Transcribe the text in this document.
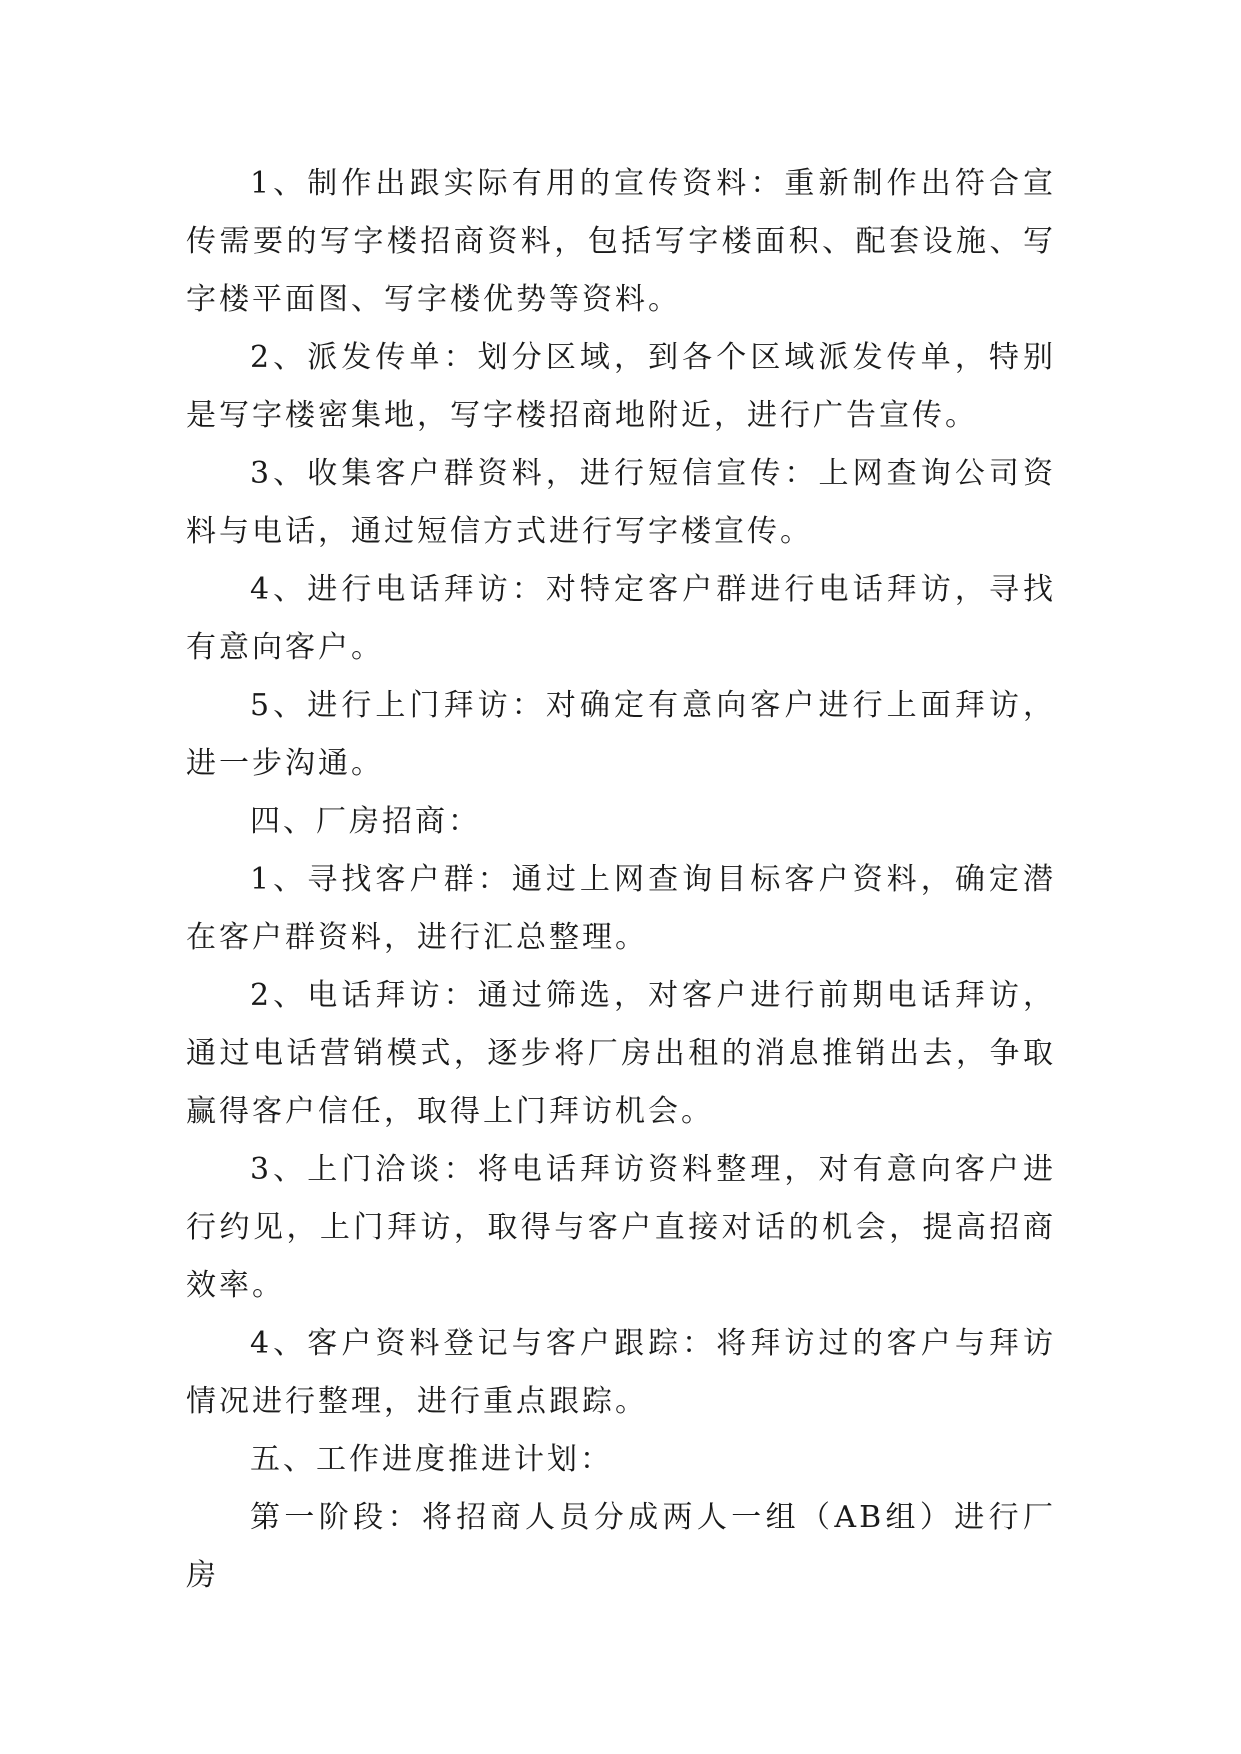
1、制作出跟实际有用的宣传资料：重新制作出符合宣传需要的写字楼招商资料，包括写字楼面积、配套设施、写字楼平面图、写字楼优势等资料。

2、派发传单：划分区域，到各个区域派发传单，特别是写字楼密集地，写字楼招商地附近，进行广告宣传。

3、收集客户群资料，进行短信宣传：上网查询公司资料与电话，通过短信方式进行写字楼宣传。

4、进行电话拜访：对特定客户群进行电话拜访，寻找有意向客户。

5、进行上门拜访：对确定有意向客户进行上面拜访，进一步沟通。

四、厂房招商：

1、寻找客户群：通过上网查询目标客户资料，确定潜在客户群资料，进行汇总整理。

2、电话拜访：通过筛选，对客户进行前期电话拜访，通过电话营销模式，逐步将厂房出租的消息推销出去，争取赢得客户信任，取得上门拜访机会。

3、上门洽谈：将电话拜访资料整理，对有意向客户进行约见，上门拜访，取得与客户直接对话的机会，提高招商效率。

4、客户资料登记与客户跟踪：将拜访过的客户与拜访情况进行整理，进行重点跟踪。

五、工作进度推进计划：

第一阶段：将招商人员分成两人一组（AB组）进行厂房
